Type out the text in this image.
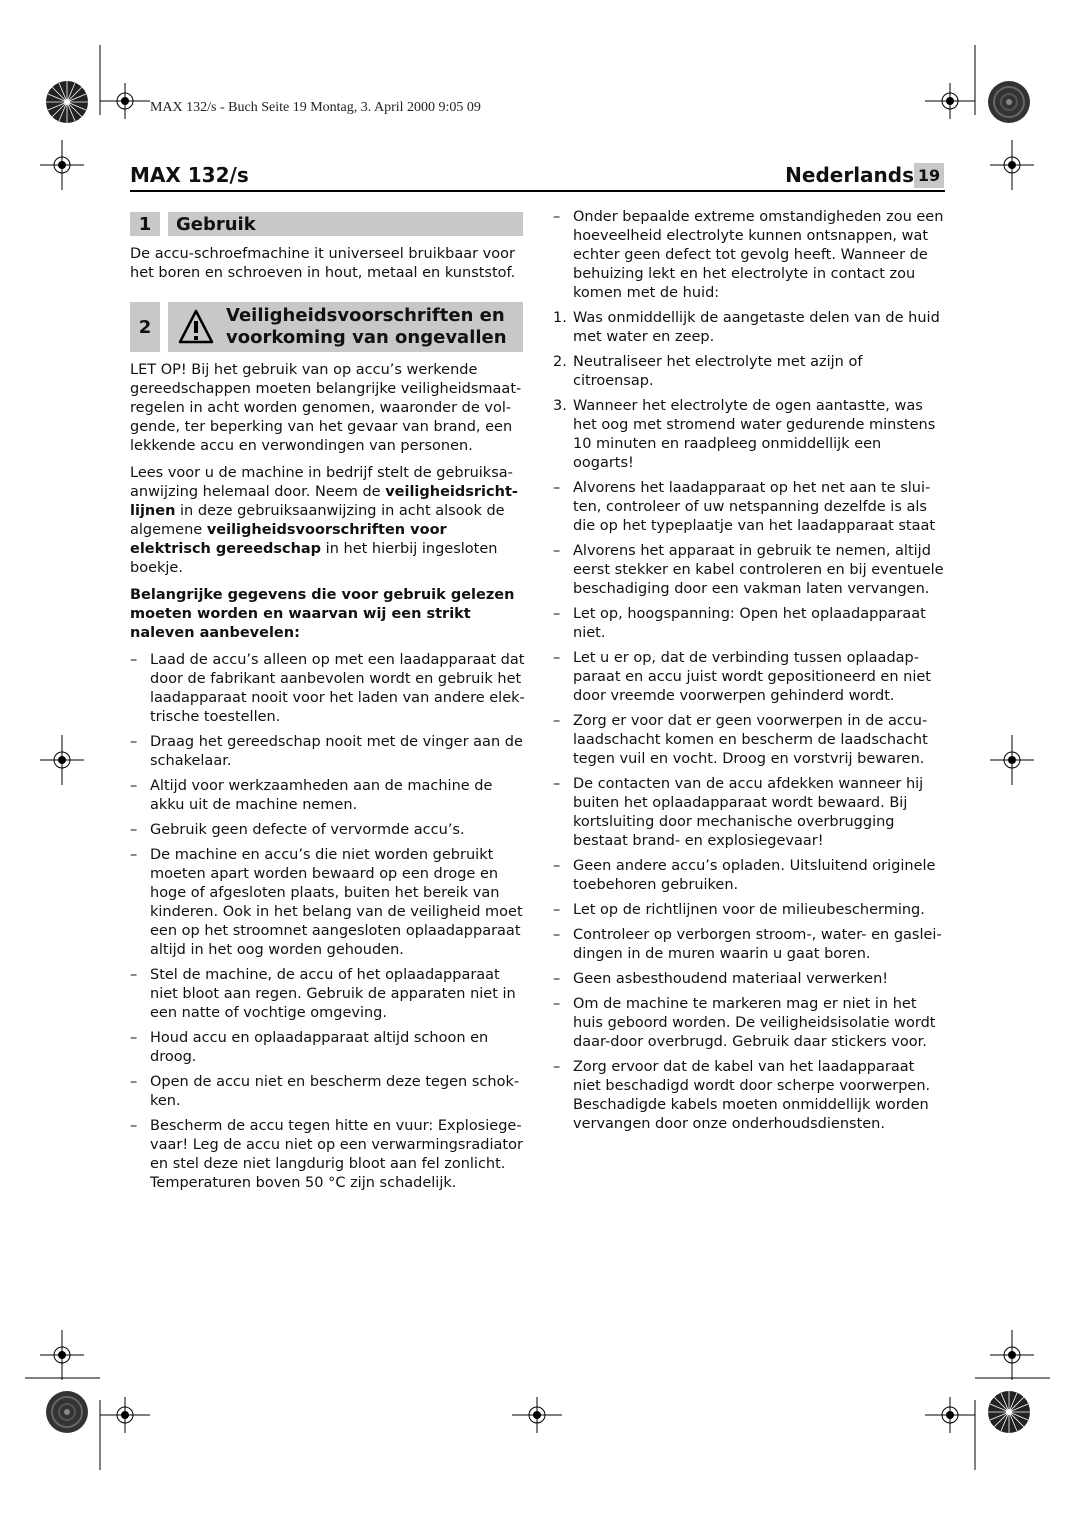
MAX 132/s - Buch Seite 19 Montag, 3. April 2000 9:05 09
MAX 132/s	Nederlands 19
1	Gebruik

De accu-schroefmachine it universeel bruikbaar voor het boren en schroeven in hout, metaal en kunststof.

2
Veiligheidsvoorschriften en voorkoming van ongevallen

LET OP! Bij het gebruik van op accu’s werkende gereedschappen moeten belangrijke veiligheidsmaat-regelen in acht worden genomen, waaronder de vol-gende, ter beperking van het gevaar van brand, een lekkende accu en verwondingen van personen.

Lees voor u de machine in bedrijf stelt de gebruiksa-anwijzing helemaal door. Neem de veiligheidsricht-lijnen in deze gebruiksaanwijzing in acht alsook de algemene veiligheidsvoorschriften voor elektrisch gereedschap in het hierbij ingesloten boekje.

Belangrijke gegevens die voor gebruik gelezen moeten worden en waarvan wij een strikt naleven aanbevelen:

– Laad de accu’s alleen op met een laadapparaat dat door de fabrikant aanbevolen wordt en gebruik het laadapparaat nooit voor het laden van andere elek-trische toestellen.
– Draag het gereedschap nooit met de vinger aan de schakelaar.
– Altijd voor werkzaamheden aan de machine de akku uit de machine nemen.
– Gebruik geen defecte of vervormde accu’s.
– De machine en accu’s die niet worden gebruikt moeten apart worden bewaard op een droge en hoge of afgesloten plaats, buiten het bereik van kinderen. Ook in het belang van de veiligheid moet een op het stroomnet aangesloten oplaadapparaat altijd in het oog worden gehouden.
– Stel de machine, de accu of het oplaadapparaat niet bloot aan regen. Gebruik de apparaten niet in een natte of vochtige omgeving.
– Houd accu en oplaadapparaat altijd schoon en droog.
– Open de accu niet en bescherm deze tegen schok-ken.
– Bescherm de accu tegen hitte en vuur: Explosiege-vaar! Leg de accu niet op een verwarmingsradiator en stel deze niet langdurig bloot aan fel zonlicht. Temperaturen boven 50 °C zijn schadelijk.
– Onder bepaalde extreme omstandigheden zou een hoeveelheid electrolyte kunnen ontsnappen, wat echter geen defect tot gevolg heeft. Wanneer de behuizing lekt en het electrolyte in contact zou komen met de huid:
1. Was onmiddellijk de aangetaste delen van de huid met water en zeep.
2. Neutraliseer het electrolyte met azijn of citroensap.
3. Wanneer het electrolyte de ogen aantastte, was het oog met stromend water gedurende minstens 10 minuten en raadpleeg onmiddellijk een oogarts!
– Alvorens het laadapparaat op het net aan te slui-ten, controleer of uw netspanning dezelfde is als die op het typeplaatje van het laadapparaat staat
– Alvorens het apparaat in gebruik te nemen, altijd eerst stekker en kabel controleren en bij eventuele beschadiging door een vakman laten vervangen.
– Let op, hoogspanning: Open het oplaadapparaat niet.
– Let u er op, dat de verbinding tussen oplaadap-paraat en accu juist wordt gepositioneerd en niet door vreemde voorwerpen gehinderd wordt.
– Zorg er voor dat er geen voorwerpen in de accu-laadschacht komen en bescherm de laadschacht tegen vuil en vocht. Droog en vorstvrij bewaren.
– De contacten van de accu afdekken wanneer hij buiten het oplaadapparaat wordt bewaard. Bij kortsluiting door mechanische overbrugging bestaat brand- en explosiegevaar!
– Geen andere accu’s opladen. Uitsluitend originele toebehoren gebruiken.
– Let op de richtlijnen voor de milieubescherming.
– Controleer op verborgen stroom-, water- en gaslei-dingen in de muren waarin u gaat boren.
– Geen asbesthoudend materiaal verwerken!
– Om de machine te markeren mag er niet in het huis geboord worden. De veiligheidsisolatie wordt daar-door overbrugd. Gebruik daar stickers voor.
– Zorg ervoor dat de kabel van het laadapparaat niet beschadigd wordt door scherpe voorwerpen. Beschadigde kabels moeten onmiddellijk worden vervangen door onze onderhoudsdiensten.
